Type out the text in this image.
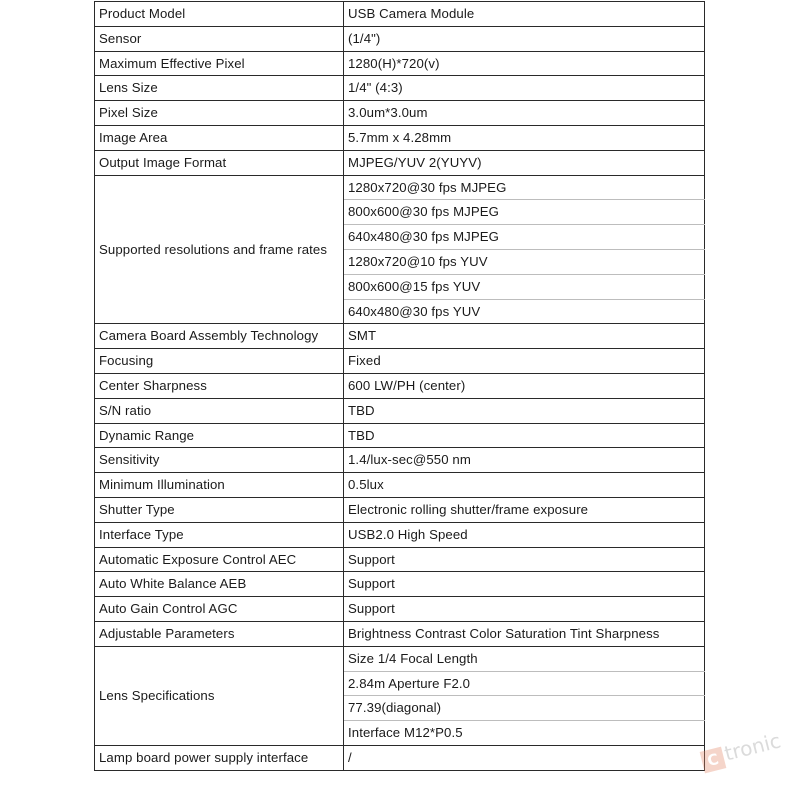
Product Model	USB Camera Module
Sensor	(1/4")
Maximum Effective Pixel	1280(H)*720(v)
Lens Size	1/4" (4:3)
Pixel Size	3.0um*3.0um
Image Area	5.7mm x 4.28mm
Output Image Format	MJPEG/YUV 2(YUYV)
Supported resolutions and frame rates	1280x720@30 fps MJPEG
	800x600@30 fps MJPEG
	640x480@30 fps MJPEG
	1280x720@10 fps YUV
	800x600@15 fps YUV
	640x480@30 fps YUV
Camera Board Assembly Technology	SMT
Focusing	Fixed
Center Sharpness	600 LW/PH (center)
S/N ratio	TBD
Dynamic Range	TBD
Sensitivity	1.4/lux-sec@550 nm
Minimum Illumination	0.5lux
Shutter Type	Electronic rolling shutter/frame exposure
Interface Type	USB2.0 High Speed
Automatic Exposure Control AEC	Support
Auto White Balance AEB	Support
Auto Gain Control AGC	Support
Adjustable Parameters	Brightness Contrast Color Saturation Tint Sharpness
Lens Specifications	Size 1/4 Focal Length
	2.84m Aperture F2.0
	77.39(diagonal)
	Interface M12*P0.5
Lamp board power supply interface	/	C tronic
